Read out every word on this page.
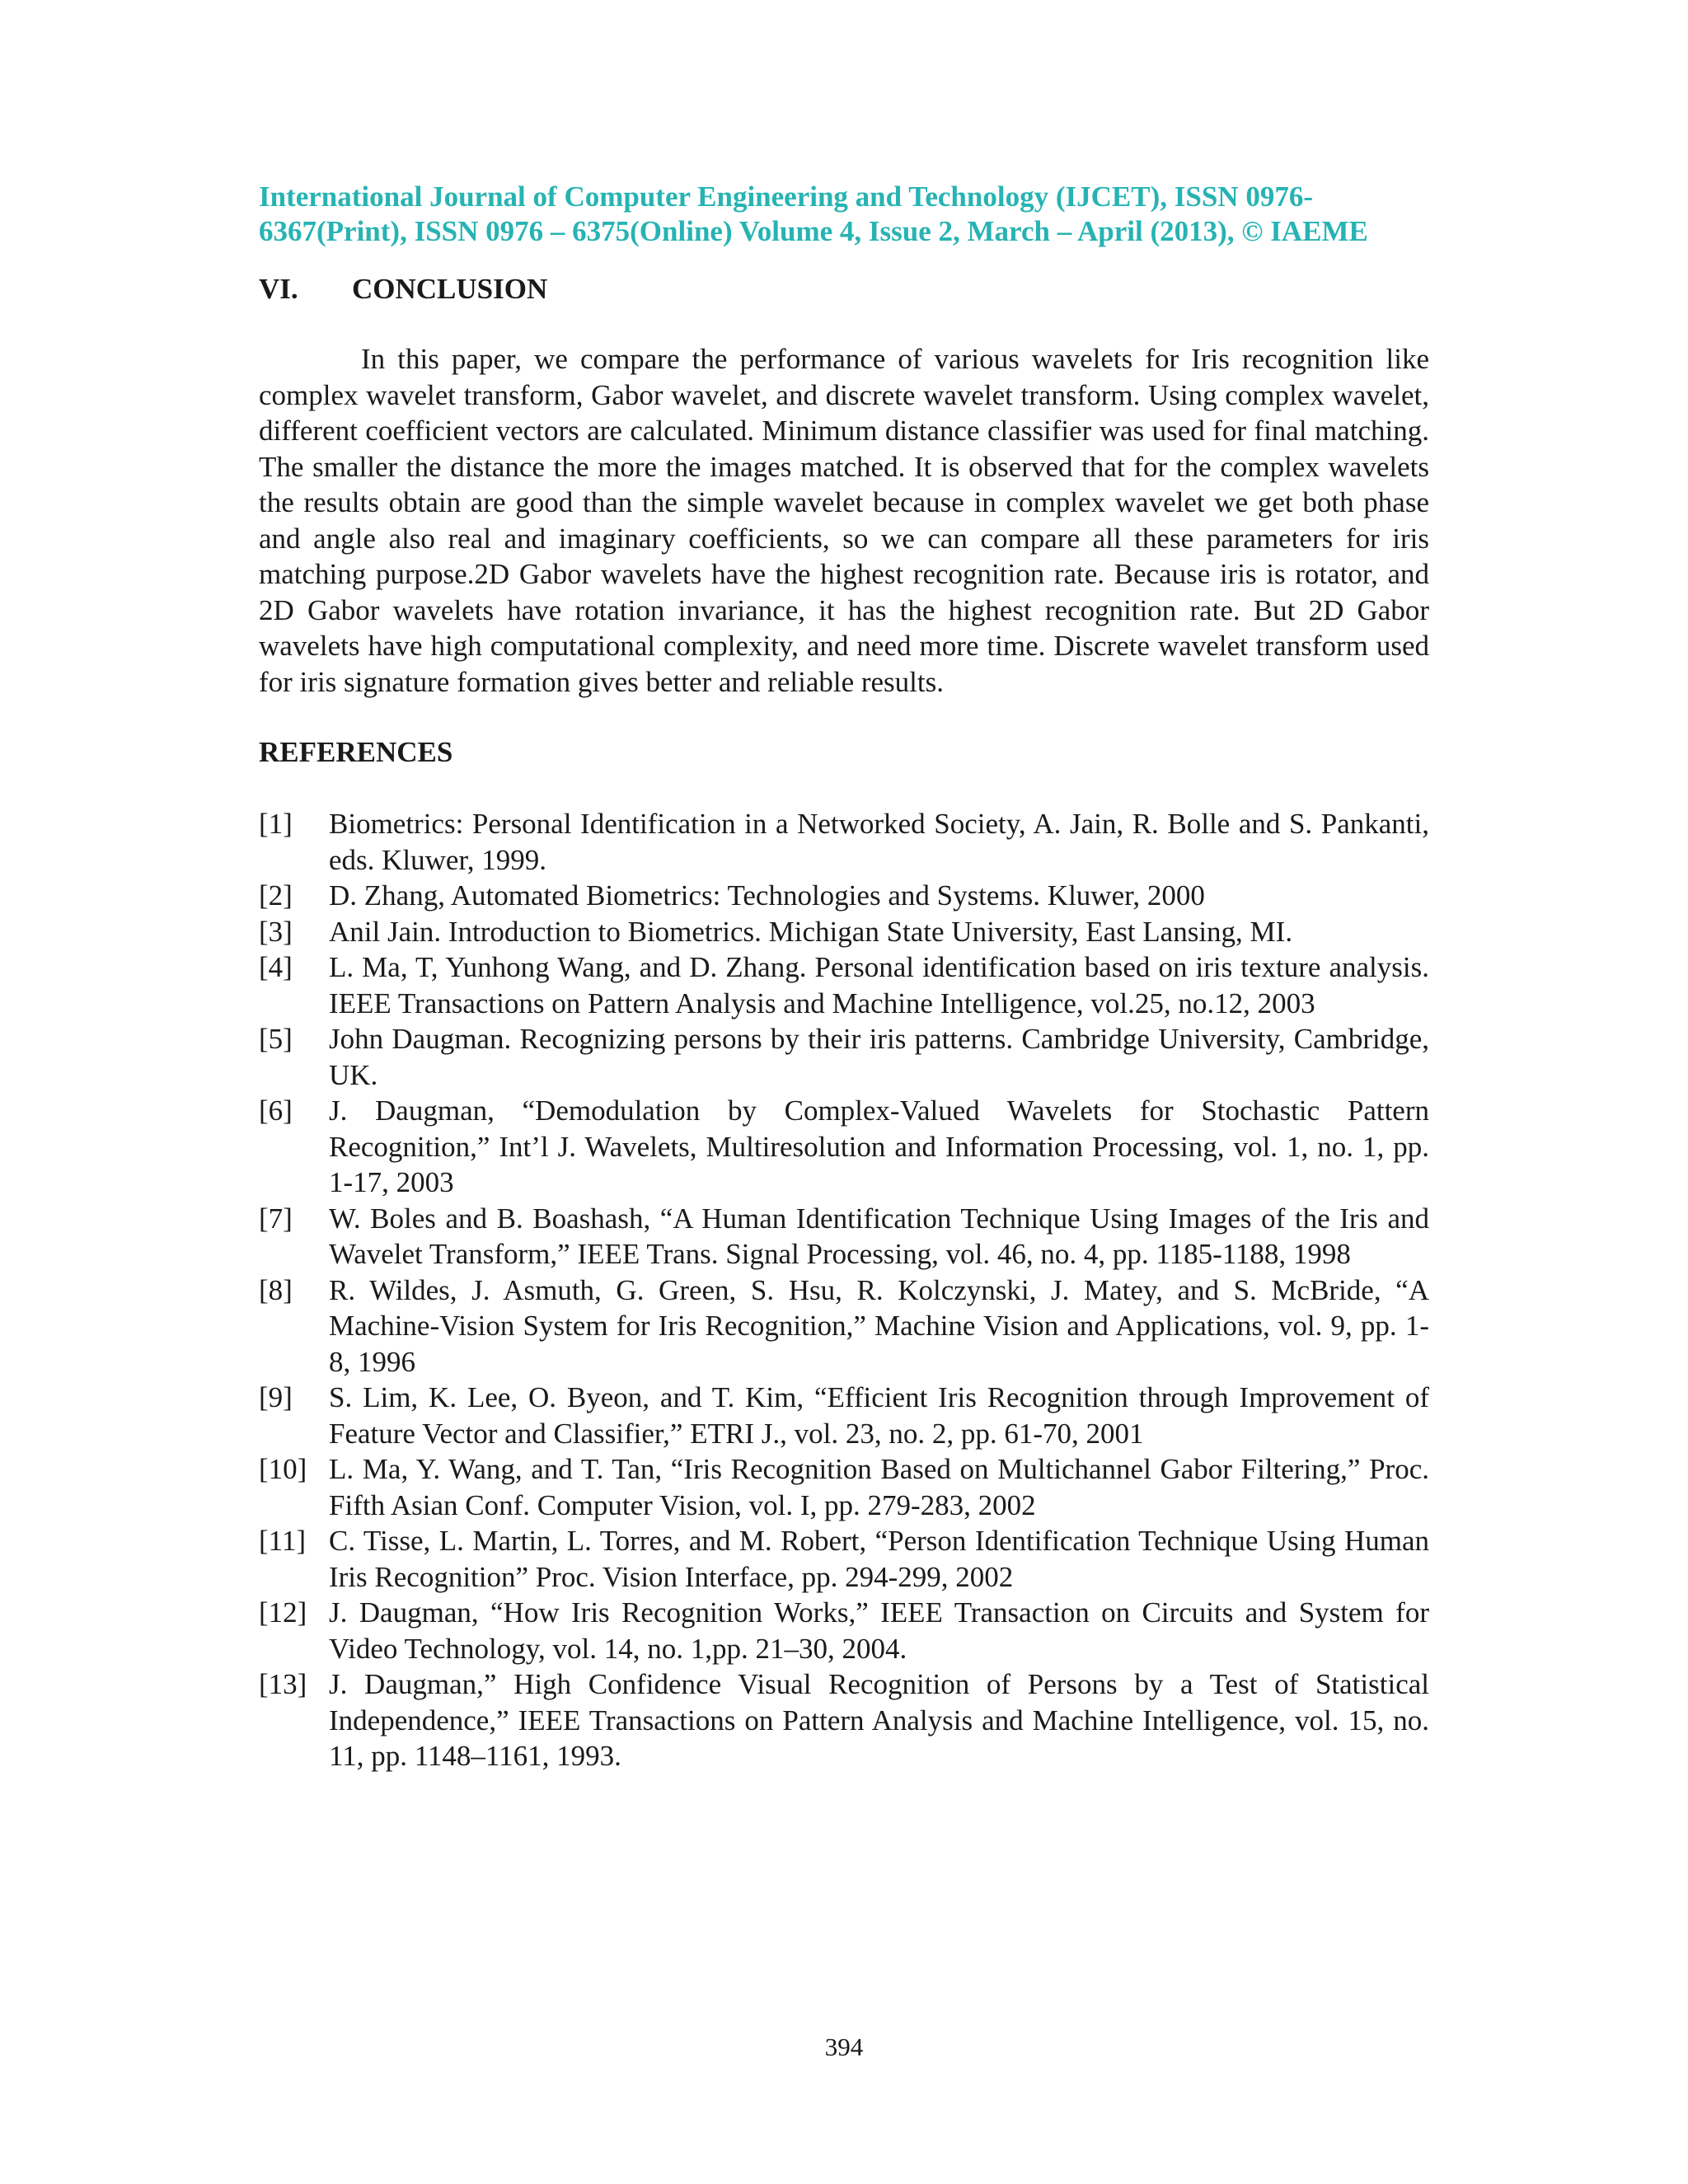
International Journal of Computer Engineering and Technology (IJCET), ISSN 0976-
6367(Print), ISSN 0976 – 6375(Online) Volume 4, Issue 2, March – April (2013), © IAEME

VI.	CONCLUSION

In this paper, we compare the performance of various wavelets for Iris recognition like complex wavelet transform, Gabor wavelet, and discrete wavelet transform. Using complex wavelet, different coefficient vectors are calculated. Minimum distance classifier was used for final matching. The smaller the distance the more the images matched. It is observed that for the complex wavelets the results obtain are good than the simple wavelet because in complex wavelet we get both phase and angle also real and imaginary coefficients, so we can compare all these parameters for iris matching purpose.2D Gabor wavelets have the highest recognition rate. Because iris is rotator, and 2D Gabor wavelets have rotation invariance, it has the highest recognition rate. But 2D Gabor wavelets have high computational complexity, and need more time. Discrete wavelet transform used for iris signature formation gives better and reliable results.

REFERENCES
[1]	Biometrics: Personal Identification in a Networked Society, A. Jain, R. Bolle and S. Pankanti, eds. Kluwer, 1999.
[2]	D. Zhang, Automated Biometrics: Technologies and Systems. Kluwer, 2000
[3]	Anil Jain. Introduction to Biometrics. Michigan State University, East Lansing, MI.
[4]	L. Ma, T, Yunhong Wang, and D. Zhang. Personal identification based on iris texture analysis. IEEE Transactions on Pattern Analysis and Machine Intelligence, vol.25, no.12, 2003
[5]	John Daugman. Recognizing persons by their iris patterns. Cambridge University, Cambridge, UK.
[6]	J. Daugman, “Demodulation by Complex-Valued Wavelets for Stochastic Pattern Recognition,” Int’l J. Wavelets, Multiresolution and Information Processing, vol. 1, no. 1, pp. 1-17, 2003
[7]	W. Boles and B. Boashash, “A Human Identification Technique Using Images of the Iris and Wavelet Transform,” IEEE Trans. Signal Processing, vol. 46, no. 4, pp. 1185-1188, 1998
[8]	R. Wildes, J. Asmuth, G. Green, S. Hsu, R. Kolczynski, J. Matey, and S. McBride, “A Machine-Vision System for Iris Recognition,” Machine Vision and Applications, vol. 9, pp. 1-8, 1996
[9]	S. Lim, K. Lee, O. Byeon, and T. Kim, “Efficient Iris Recognition through Improvement of Feature Vector and Classifier,” ETRI J., vol. 23, no. 2, pp. 61-70, 2001
[10] L. Ma, Y. Wang, and T. Tan, “Iris Recognition Based on Multichannel Gabor Filtering,” Proc. Fifth Asian Conf. Computer Vision, vol. I, pp. 279-283, 2002
[11] C. Tisse, L. Martin, L. Torres, and M. Robert, “Person Identification Technique Using Human Iris Recognition” Proc. Vision Interface, pp. 294-299, 2002
[12] J. Daugman, “How Iris Recognition Works,” IEEE Transaction on Circuits and System for Video Technology, vol. 14, no. 1,pp. 21–30, 2004.
[13] J. Daugman,” High Confidence Visual Recognition of Persons by a Test of Statistical Independence,” IEEE Transactions on Pattern Analysis and Machine Intelligence, vol. 15, no. 11, pp. 1148–1161, 1993.
394
